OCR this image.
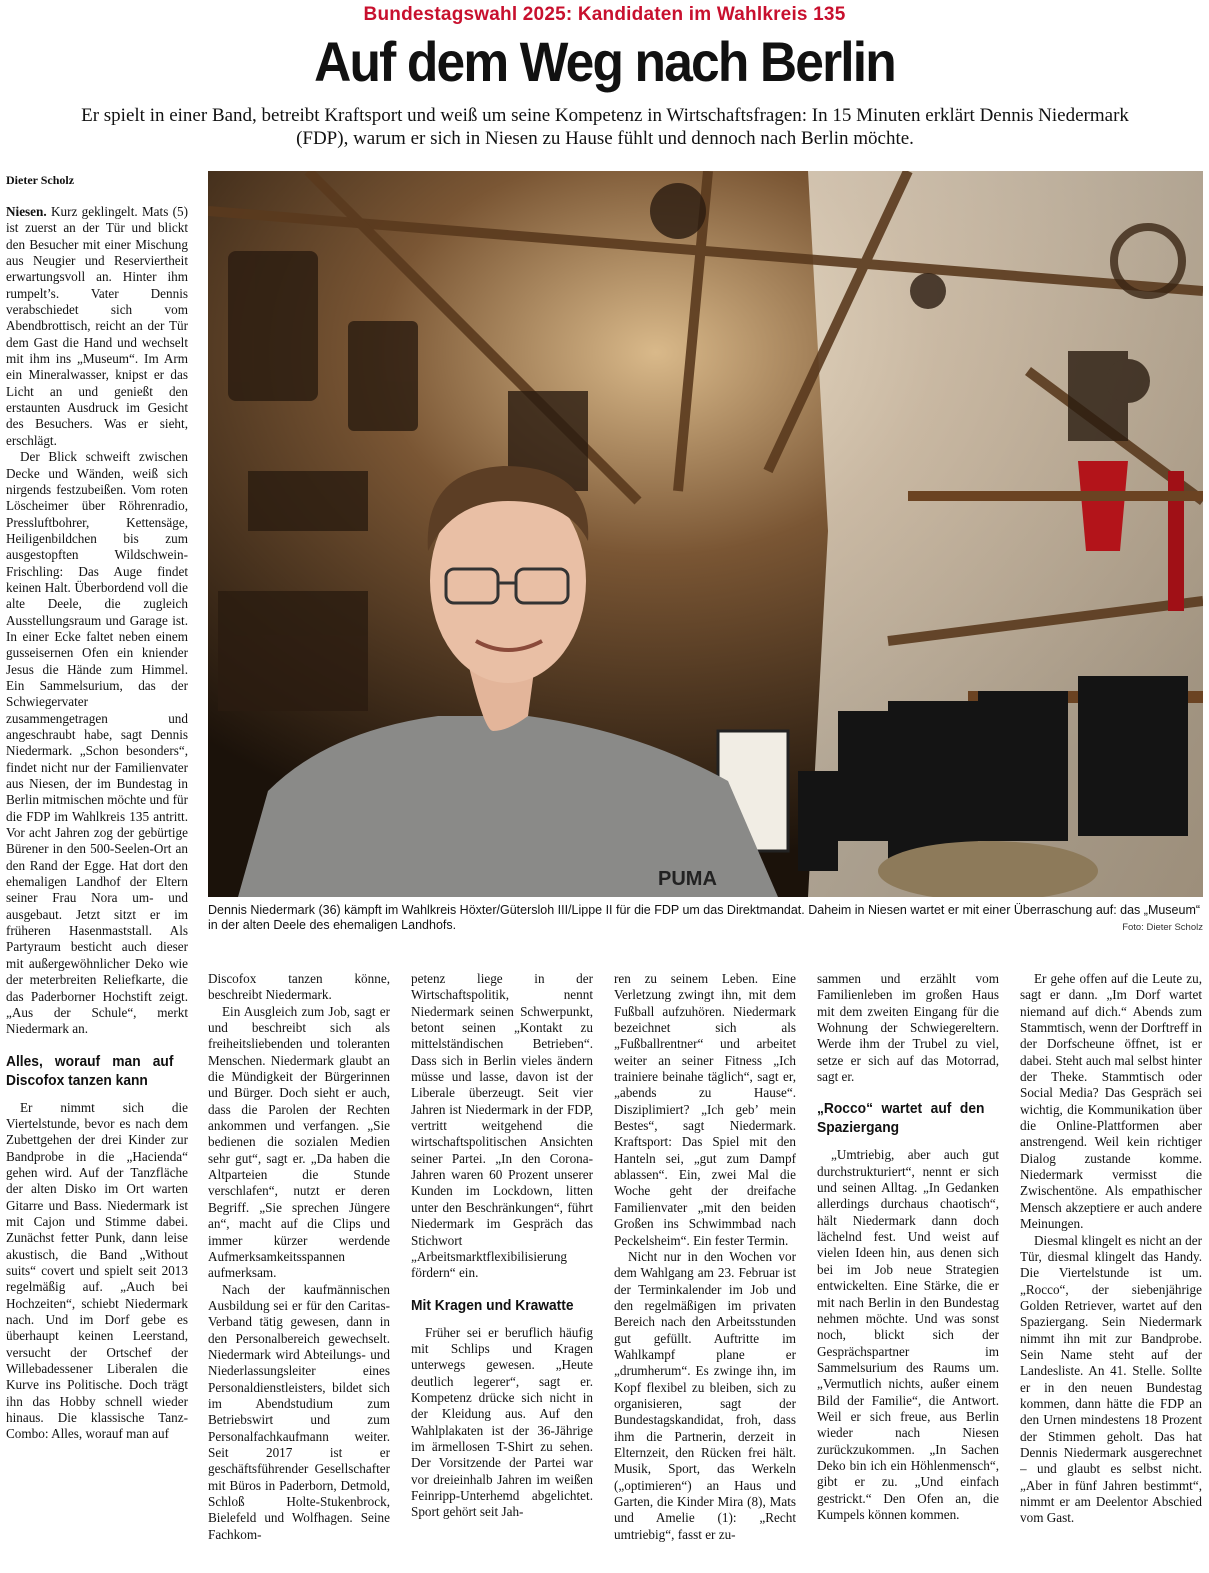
Bundestagswahl 2025: Kandidaten im Wahlkreis 135
Auf dem Weg nach Berlin
Er spielt in einer Band, betreibt Kraftsport und weiß um seine Kompetenz in Wirtschaftsfragen: In 15 Minuten erklärt Dennis Niedermark (FDP), warum er sich in Niesen zu Hause fühlt und dennoch nach Berlin möchte.
Dieter Scholz
PUMA
Dennis Niedermark (36) kämpft im Wahlkreis Höxter/Gütersloh III/Lippe II für die FDP um das Direktmandat. Daheim in Niesen wartet er mit einer Überraschung auf: das „Museum“ in der alten Deele des ehemaligen Landhofs.	Foto: Dieter Scholz

Niesen. Kurz geklingelt. Mats (5) ist zuerst an der Tür und blickt den Besucher mit einer Mischung aus Neugier und Reserviertheit erwartungsvoll an. Hinter ihm rumpelt’s. Vater Dennis verabschiedet sich vom Abendbrottisch, reicht an der Tür dem Gast die Hand und wechselt mit ihm ins „Museum“. Im Arm ein Mineralwasser, knipst er das Licht an und genießt den erstaunten Ausdruck im Gesicht des Besuchers. Was er sieht, erschlägt.

Der Blick schweift zwischen Decke und Wänden, weiß sich nirgends festzubeißen. Vom roten Löscheimer über Röhrenradio, Pressluftbohrer, Kettensäge, Heiligenbildchen bis zum ausgestopften Wildschwein-Frischling: Das Auge findet keinen Halt. Überbordend voll die alte Deele, die zugleich Ausstellungsraum und Garage ist. In einer Ecke faltet neben einem gusseisernen Ofen ein kniender Jesus die Hände zum Himmel. Ein Sammelsurium, das der Schwiegervater zusammengetragen und angeschraubt habe, sagt Dennis Niedermark. „Schon besonders“, findet nicht nur der Familienvater aus Niesen, der im Bundestag in Berlin mitmischen möchte und für die FDP im Wahlkreis 135 antritt. Vor acht Jahren zog der gebürtige Bürener in den 500-Seelen-Ort an den Rand der Egge. Hat dort den ehemaligen Landhof der Eltern seiner Frau Nora um- und ausgebaut. Jetzt sitzt er im früheren Hasenmaststall. Als Partyraum besticht auch dieser mit außergewöhnlicher Deko wie der meterbreiten Reliefkarte, die das Paderborner Hochstift zeigt. „Aus der Schule“, merkt Niedermark an.

Alles, worauf man auf Discofox tanzen kann

Er nimmt sich die Viertelstunde, bevor es nach dem Zubettgehen der drei Kinder zur Bandprobe in die „Hacienda“ gehen wird. Auf der Tanzfläche der alten Disko im Ort warten Gitarre und Bass. Niedermark ist mit Cajon und Stimme dabei. Zunächst fetter Punk, dann leise akustisch, die Band „Without suits“ covert und spielt seit 2013 regelmäßig auf. „Auch bei Hochzeiten“, schiebt Niedermark nach. Und im Dorf gebe es überhaupt keinen Leerstand, versucht der Ortschef der Willebadessener Liberalen die Kurve ins Politische. Doch trägt ihn das Hobby schnell wieder hinaus. Die klassische Tanz-Combo: Alles, worauf man auf

Discofox tanzen könne, beschreibt Niedermark.

Ein Ausgleich zum Job, sagt er und beschreibt sich als freiheitsliebenden und toleranten Menschen. Niedermark glaubt an die Mündigkeit der Bürgerinnen und Bürger. Doch sieht er auch, dass die Parolen der Rechten ankommen und verfangen. „Sie bedienen die sozialen Medien sehr gut“, sagt er. „Da haben die Altparteien die Stunde verschlafen“, nutzt er deren Begriff. „Sie sprechen Jüngere an“, macht auf die Clips und immer kürzer werdende Aufmerksamkeitsspannen aufmerksam.

Nach der kaufmännischen Ausbildung sei er für den Caritas-Verband tätig gewesen, dann in den Personalbereich gewechselt. Niedermark wird Abteilungs- und Niederlassungsleiter eines Personaldienstleisters, bildet sich im Abendstudium zum Betriebswirt und zum Personalfachkaufmann weiter. Seit 2017 ist er geschäftsführender Gesellschafter mit Büros in Paderborn, Detmold, Schloß Holte-Stukenbrock, Bielefeld und Wolfhagen. Seine Fachkom-

petenz liege in der Wirtschaftspolitik, nennt Niedermark seinen Schwerpunkt, betont seinen „Kontakt zu mittelständischen Betrieben“. Dass sich in Berlin vieles ändern müsse und lasse, davon ist der Liberale überzeugt. Seit vier Jahren ist Niedermark in der FDP, vertritt weitgehend die wirtschaftspolitischen Ansichten seiner Partei. „In den Corona-Jahren waren 60 Prozent unserer Kunden im Lockdown, litten unter den Beschränkungen“, führt Niedermark im Gespräch das Stichwort „Arbeitsmarktflexibilisierung fördern“ ein.

Mit Kragen und Krawatte

Früher sei er beruflich häufig mit Schlips und Kragen unterwegs gewesen. „Heute deutlich legerer“, sagt er. Kompetenz drücke sich nicht in der Kleidung aus. Auf den Wahlplakaten ist der 36-Jährige im ärmellosen T-Shirt zu sehen. Der Vorsitzende der Partei war vor dreieinhalb Jahren im weißen Feinripp-Unterhemd abgelichtet. Sport gehört seit Jah-

ren zu seinem Leben. Eine Verletzung zwingt ihn, mit dem Fußball aufzuhören. Niedermark bezeichnet sich als „Fußballrentner“ und arbeitet weiter an seiner Fitness „Ich trainiere beinahe täglich“, sagt er, „abends zu Hause“. Disziplimiert? „Ich geb’ mein Bestes“, sagt Niedermark. Kraftsport: Das Spiel mit den Hanteln sei, „gut zum Dampf ablassen“. Ein, zwei Mal die Woche geht der dreifache Familienvater „mit den beiden Großen ins Schwimmbad nach Peckelsheim“. Ein fester Termin.

Nicht nur in den Wochen vor dem Wahlgang am 23. Februar ist der Terminkalender im Job und den regelmäßigen im privaten Bereich nach den Arbeitsstunden gut gefüllt. Auftritte im Wahlkampf plane er „drumherum“. Es zwinge ihn, im Kopf flexibel zu bleiben, sich zu organisieren, sagt der Bundestagskandidat, froh, dass ihm die Partnerin, derzeit in Elternzeit, den Rücken frei hält. Musik, Sport, das Werkeln („optimieren“) an Haus und Garten, die Kinder Mira (8), Mats und Amelie (1): „Recht umtriebig“, fasst er zu-

sammen und erzählt vom Familienleben im großen Haus mit dem zweiten Eingang für die Wohnung der Schwiegereltern. Werde ihm der Trubel zu viel, setze er sich auf das Motorrad, sagt er.

„Rocco“ wartet auf den Spaziergang

„Umtriebig, aber auch gut durchstrukturiert“, nennt er sich und seinen Alltag. „In Gedanken allerdings durchaus chaotisch“, hält Niedermark dann doch lächelnd fest. Und weist auf vielen Ideen hin, aus denen sich bei im Job neue Strategien entwickelten. Eine Stärke, die er mit nach Berlin in den Bundestag nehmen möchte. Und was sonst noch, blickt sich der Gesprächspartner im Sammelsurium des Raums um. „Vermutlich nichts, außer einem Bild der Familie“, die Antwort. Weil er sich freue, aus Berlin wieder nach Niesen zurückzukommen. „In Sachen Deko bin ich ein Höhlenmensch“, gibt er zu. „Und einfach gestrickt.“ Den Ofen an, die Kumpels können kommen.

Er gehe offen auf die Leute zu, sagt er dann. „Im Dorf wartet niemand auf dich.“ Abends zum Stammtisch, wenn der Dorftreff in der Dorfscheune öffnet, ist er dabei. Steht auch mal selbst hinter der Theke. Stammtisch oder Social Media? Das Gespräch sei wichtig, die Kommunikation über die Online-Plattformen aber anstrengend. Weil kein richtiger Dialog zustande komme. Niedermark vermisst die Zwischentöne. Als empathischer Mensch akzeptiere er auch andere Meinungen.

Diesmal klingelt es nicht an der Tür, diesmal klingelt das Handy. Die Viertelstunde ist um. „Rocco“, der siebenjährige Golden Retriever, wartet auf den Spaziergang. Sein Niedermark nimmt ihn mit zur Bandprobe. Sein Name steht auf der Landesliste. An 41. Stelle. Sollte er in den neuen Bundestag kommen, dann hätte die FDP an den Urnen mindestens 18 Prozent der Stimmen geholt. Das hat Dennis Niedermark ausgerechnet – und glaubt es selbst nicht. „Aber in fünf Jahren bestimmt“, nimmt er am Deelentor Abschied vom Gast.
